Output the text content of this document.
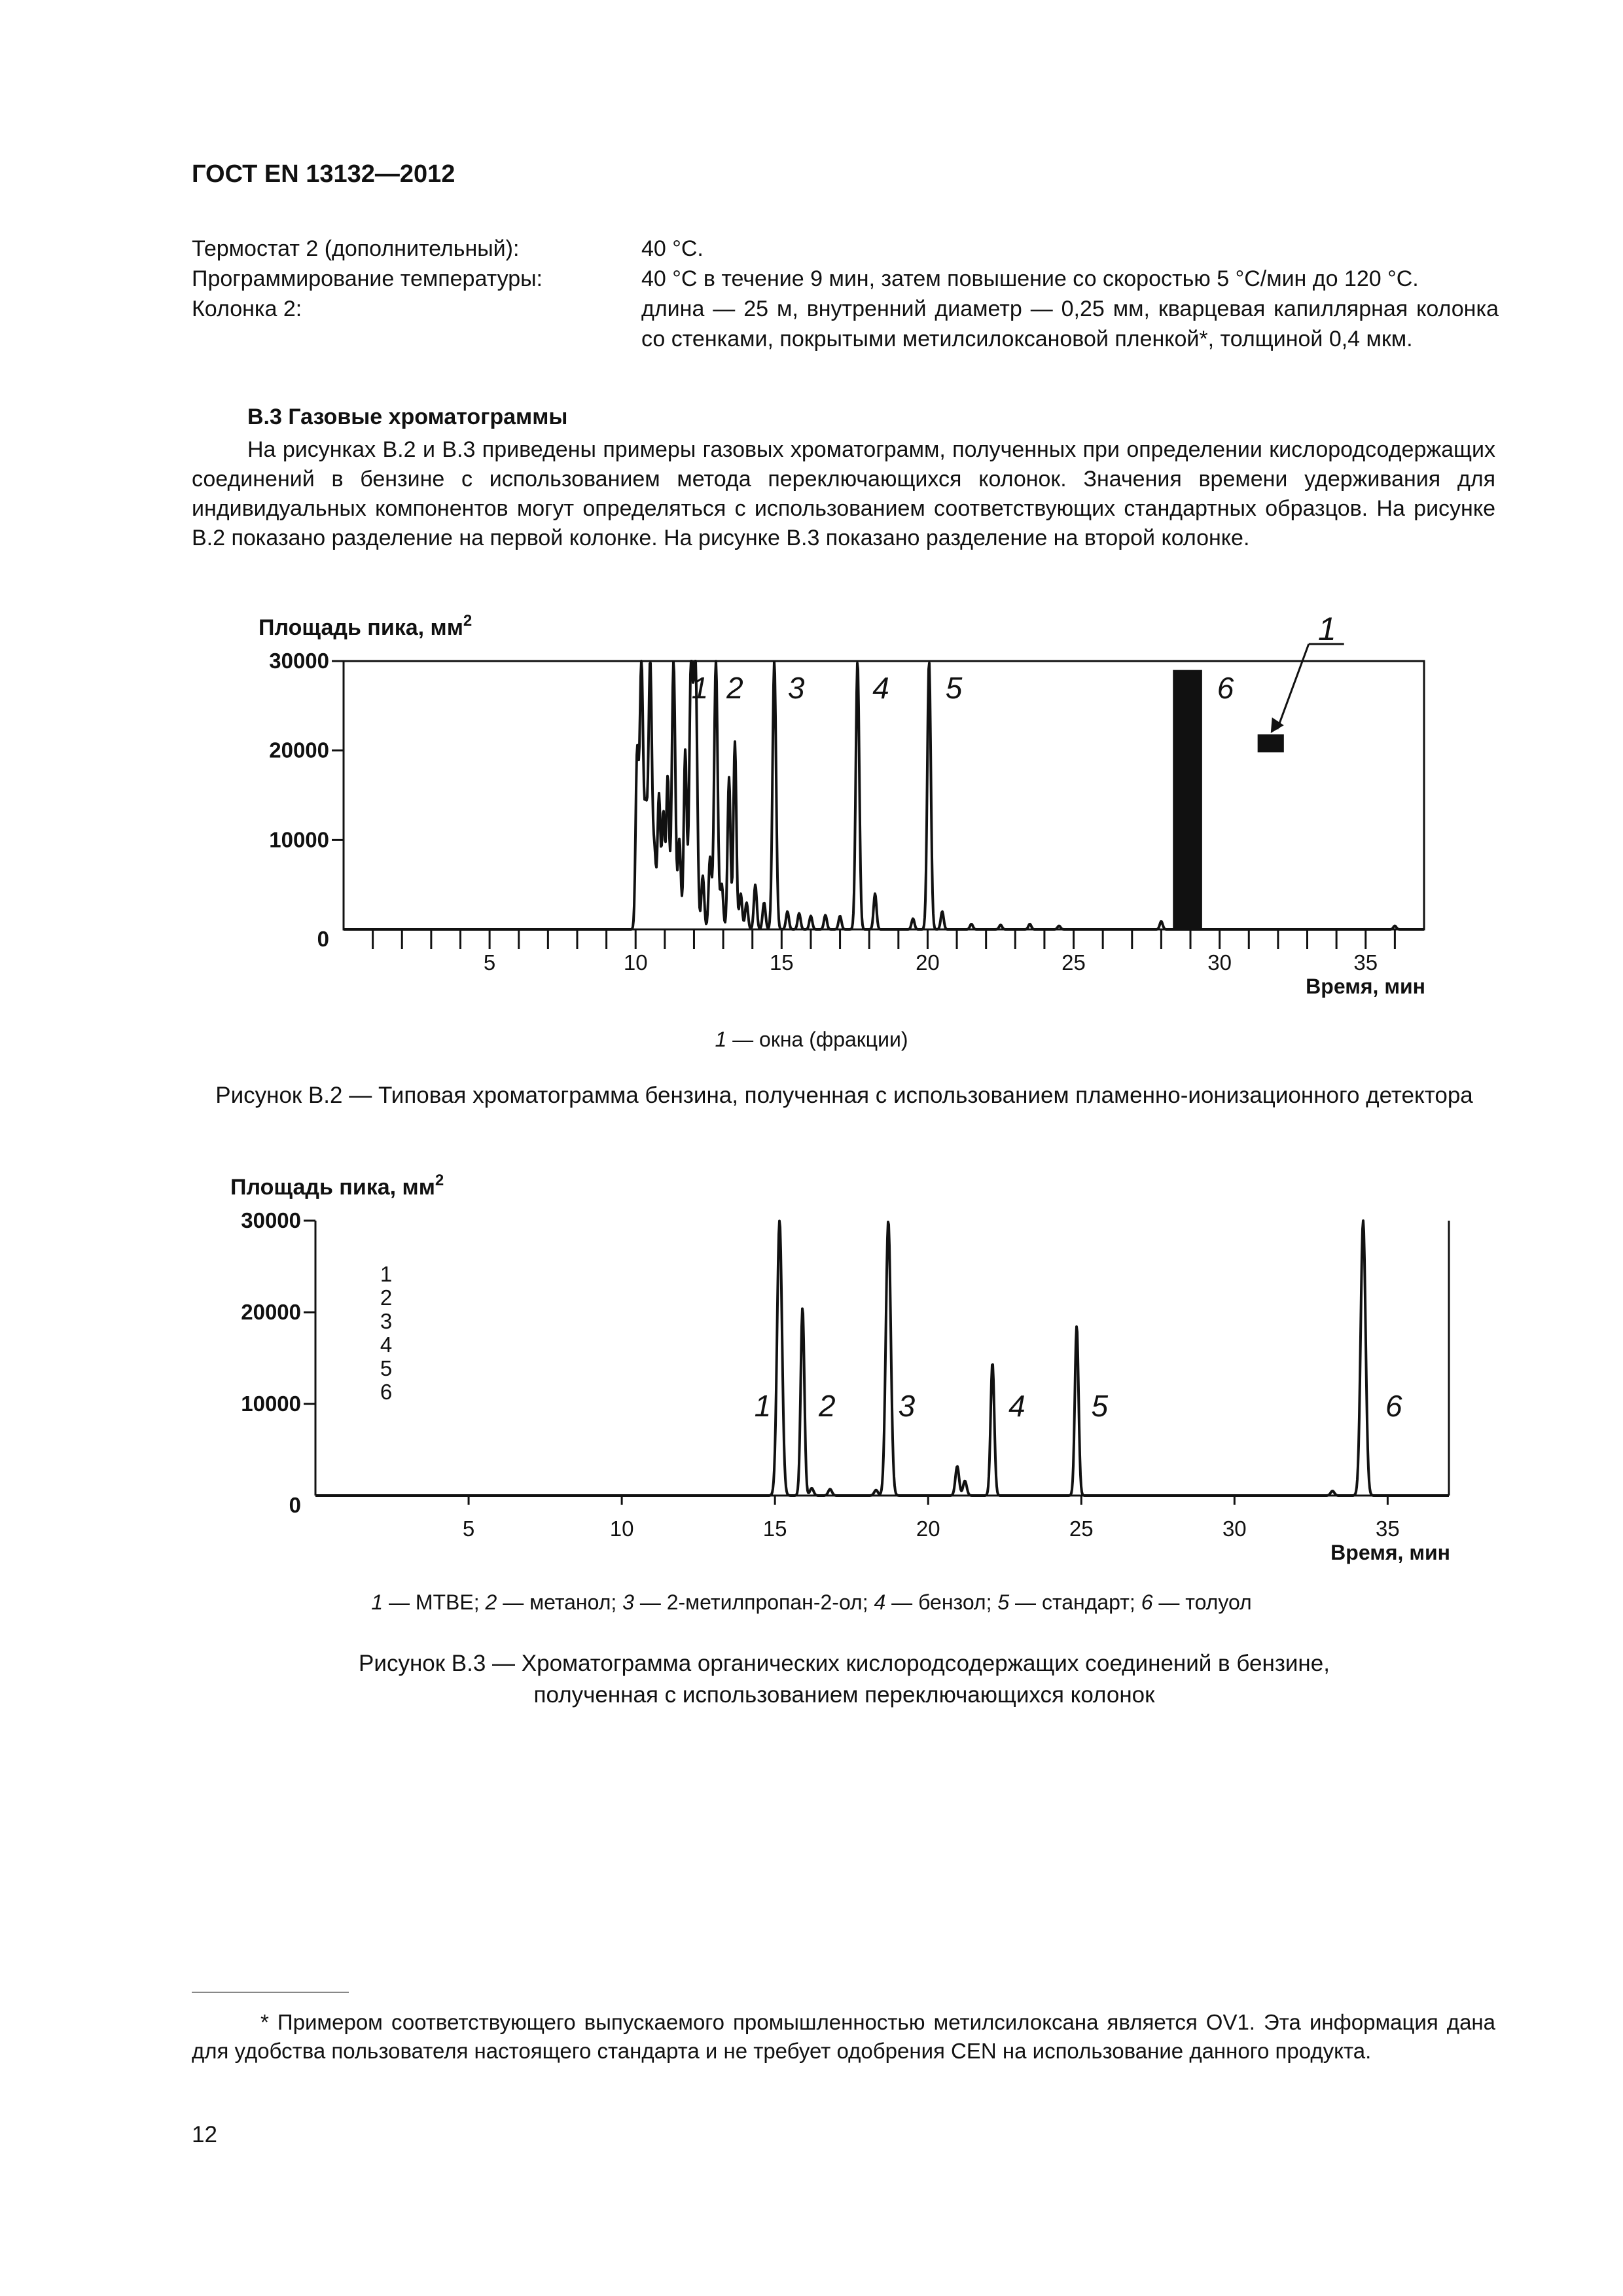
ГОСТ EN 13132—2012
Термостат 2 (дополнительный):	40 °C.
Программирование температуры:	40 °C в течение 9 мин, затем повышение со скоростью 5 °С/мин до 120 °С.
Колонка 2:	длина — 25 м, внутренний диаметр — 0,25 мм, кварцевая капиллярная колонка со стенками, покрытыми метилсилоксановой пленкой*, толщиной 0,4 мкм.
В.3 Газовые хроматограммы
На рисунках В.2 и В.3 приведены примеры газовых хроматограмм, полученных при определении кислородсодержащих соединений в бензине с использованием метода переключающихся колонок. Значения времени удерживания для индивидуальных компонентов могут определяться с использованием соответствующих стандартных образцов. На рисунке В.2 показано разделение на первой колонке. На рисунке В.3 показано разделение на второй колонке.
Площадь пика, $мм^2$
Время, мин
10000
20000
30000
0
5	10	15	20	25	30	35
1 2 3 4 5	6
1
1 — окна (фракции)
Рисунок В.2 — Типовая хроматограмма бензина, полученная с использованием пламенно-ионизационного детектора
Площадь пика, $мм^2$
Время, мин
10000
20000
30000
0
5	10	15	20	25	30	35
1 2 3	4 5	6
1
2
3
4
5
6
1 — МТВЕ; 2 — метанол; 3 — 2-метилпропан-2-ол; 4 — бензол; 5 — стандарт; 6 — толуол
Рисунок В.3 — Хроматограмма органических кислородсодержащих соединений в бензине,
полученная с использованием переключающихся колонок
* Примером соответствующего выпускаемого промышленностью метилсилоксана является OV1. Эта информация дана для удобства пользователя настоящего стандарта и не требует одобрения CEN на использование данного продукта.
12
